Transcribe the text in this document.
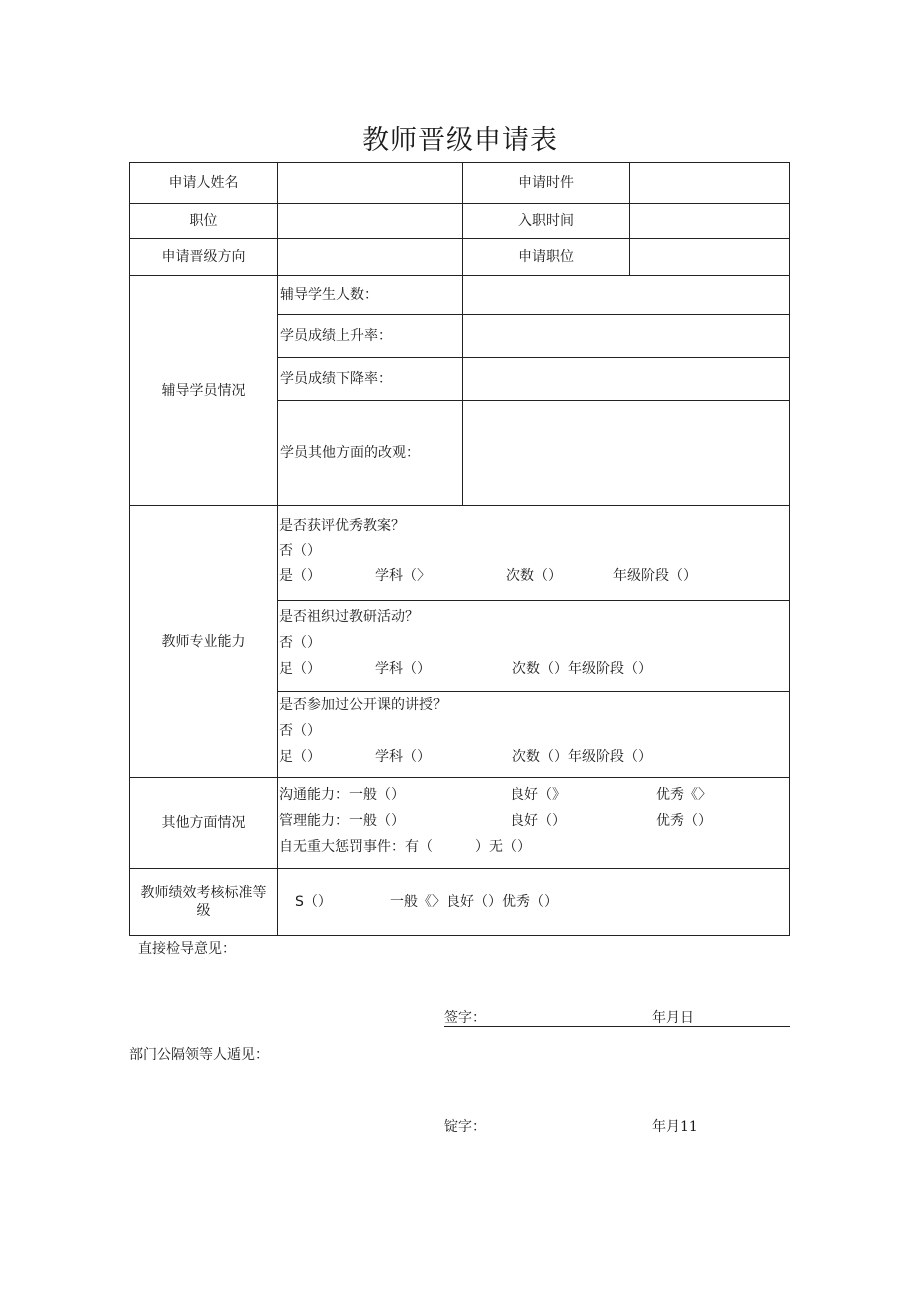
教师晋级申请表
申请人姓名	申请时件
职位	入职时间
申请晋级方向	申请职位
辅导学员情况
辅导学生人数：
学员成绩上升率：
学员成绩下降率：
学员其他方面的改观：
教师专业能力
是否获评优秀教案？
否（）
是（）	学科（〉	次数（）	年级阶段（）
是否祖织过教研活动？
否（）
足（）	学科（）	次数（）年级阶段（）
是否参加过公开课的讲授？
否（）
足（）	学科（）	次数（）年级阶段（）
其他方面情况
沟通能力：一般（）	良好（》	优秀《〉
管理能力：一般（）	良好（）	优秀（）
自无重大惩罚事件：有（　　　）无（）
教师绩效考核标准等
级
S（）	一般《〉良好（）优秀（）
直接检导意见：
签字：	年月日
部门公隔领等人遁见：
锭字：	年月11
